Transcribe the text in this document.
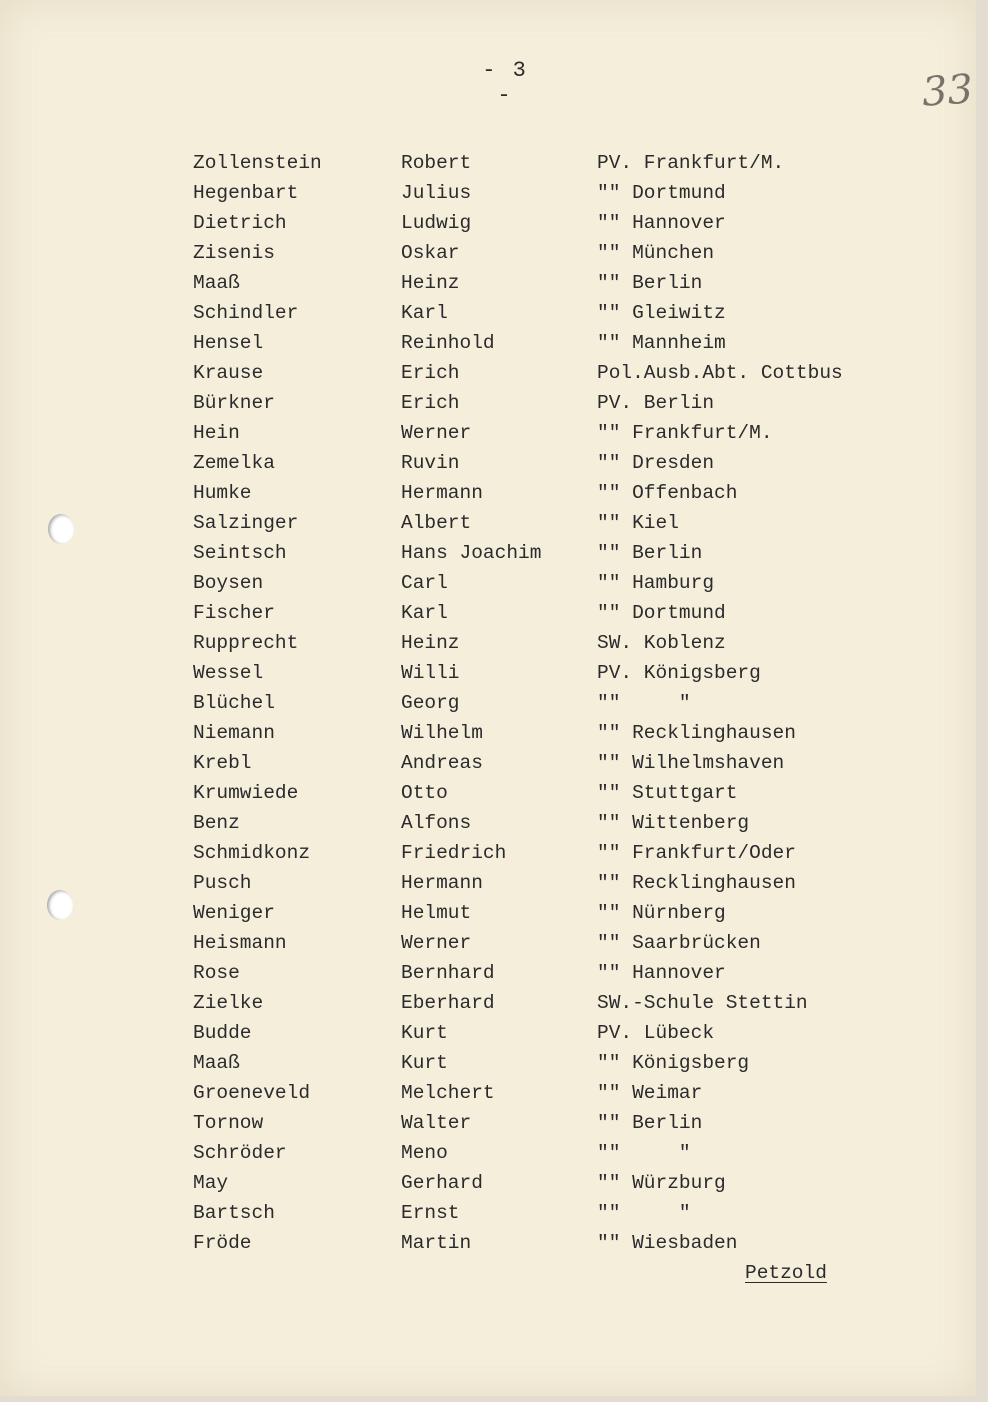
- 3 -	33
Zollenstein	Robert	PV. Frankfurt/M.
Hegenbart	Julius	"" Dortmund
Dietrich	Ludwig	"" Hannover
Zisenis	Oskar	"" München
Maaß	Heinz	"" Berlin
Schindler	Karl	"" Gleiwitz
Hensel	Reinhold	"" Mannheim
Krause	Erich	Pol.Ausb.Abt. Cottbus
Bürkner	Erich	PV. Berlin
Hein	Werner	"" Frankfurt/M.
Zemelka	Ruvin	"" Dresden
Humke	Hermann	"" Offenbach
Salzinger	Albert	"" Kiel
Seintsch	Hans Joachim	"" Berlin
Boysen	Carl	"" Hamburg
Fischer	Karl	"" Dortmund
Rupprecht	Heinz	SW. Koblenz
Wessel	Willi	PV. Königsberg
Blüchel	Georg	""     "
Niemann	Wilhelm	"" Recklinghausen
Krebl	Andreas	"" Wilhelmshaven
Krumwiede	Otto	"" Stuttgart
Benz	Alfons	"" Wittenberg
Schmidkonz	Friedrich	"" Frankfurt/Oder
Pusch	Hermann	"" Recklinghausen
Weniger	Helmut	"" Nürnberg
Heismann	Werner	"" Saarbrücken
Rose	Bernhard	"" Hannover
Zielke	Eberhard	SW.-Schule Stettin
Budde	Kurt	PV. Lübeck
Maaß	Kurt	"" Königsberg
Groeneveld	Melchert	"" Weimar
Tornow	Walter	"" Berlin
Schröder	Meno	""     "
May	Gerhard	"" Würzburg
Bartsch	Ernst	""     "
Fröde	Martin	"" Wiesbaden
Petzold
